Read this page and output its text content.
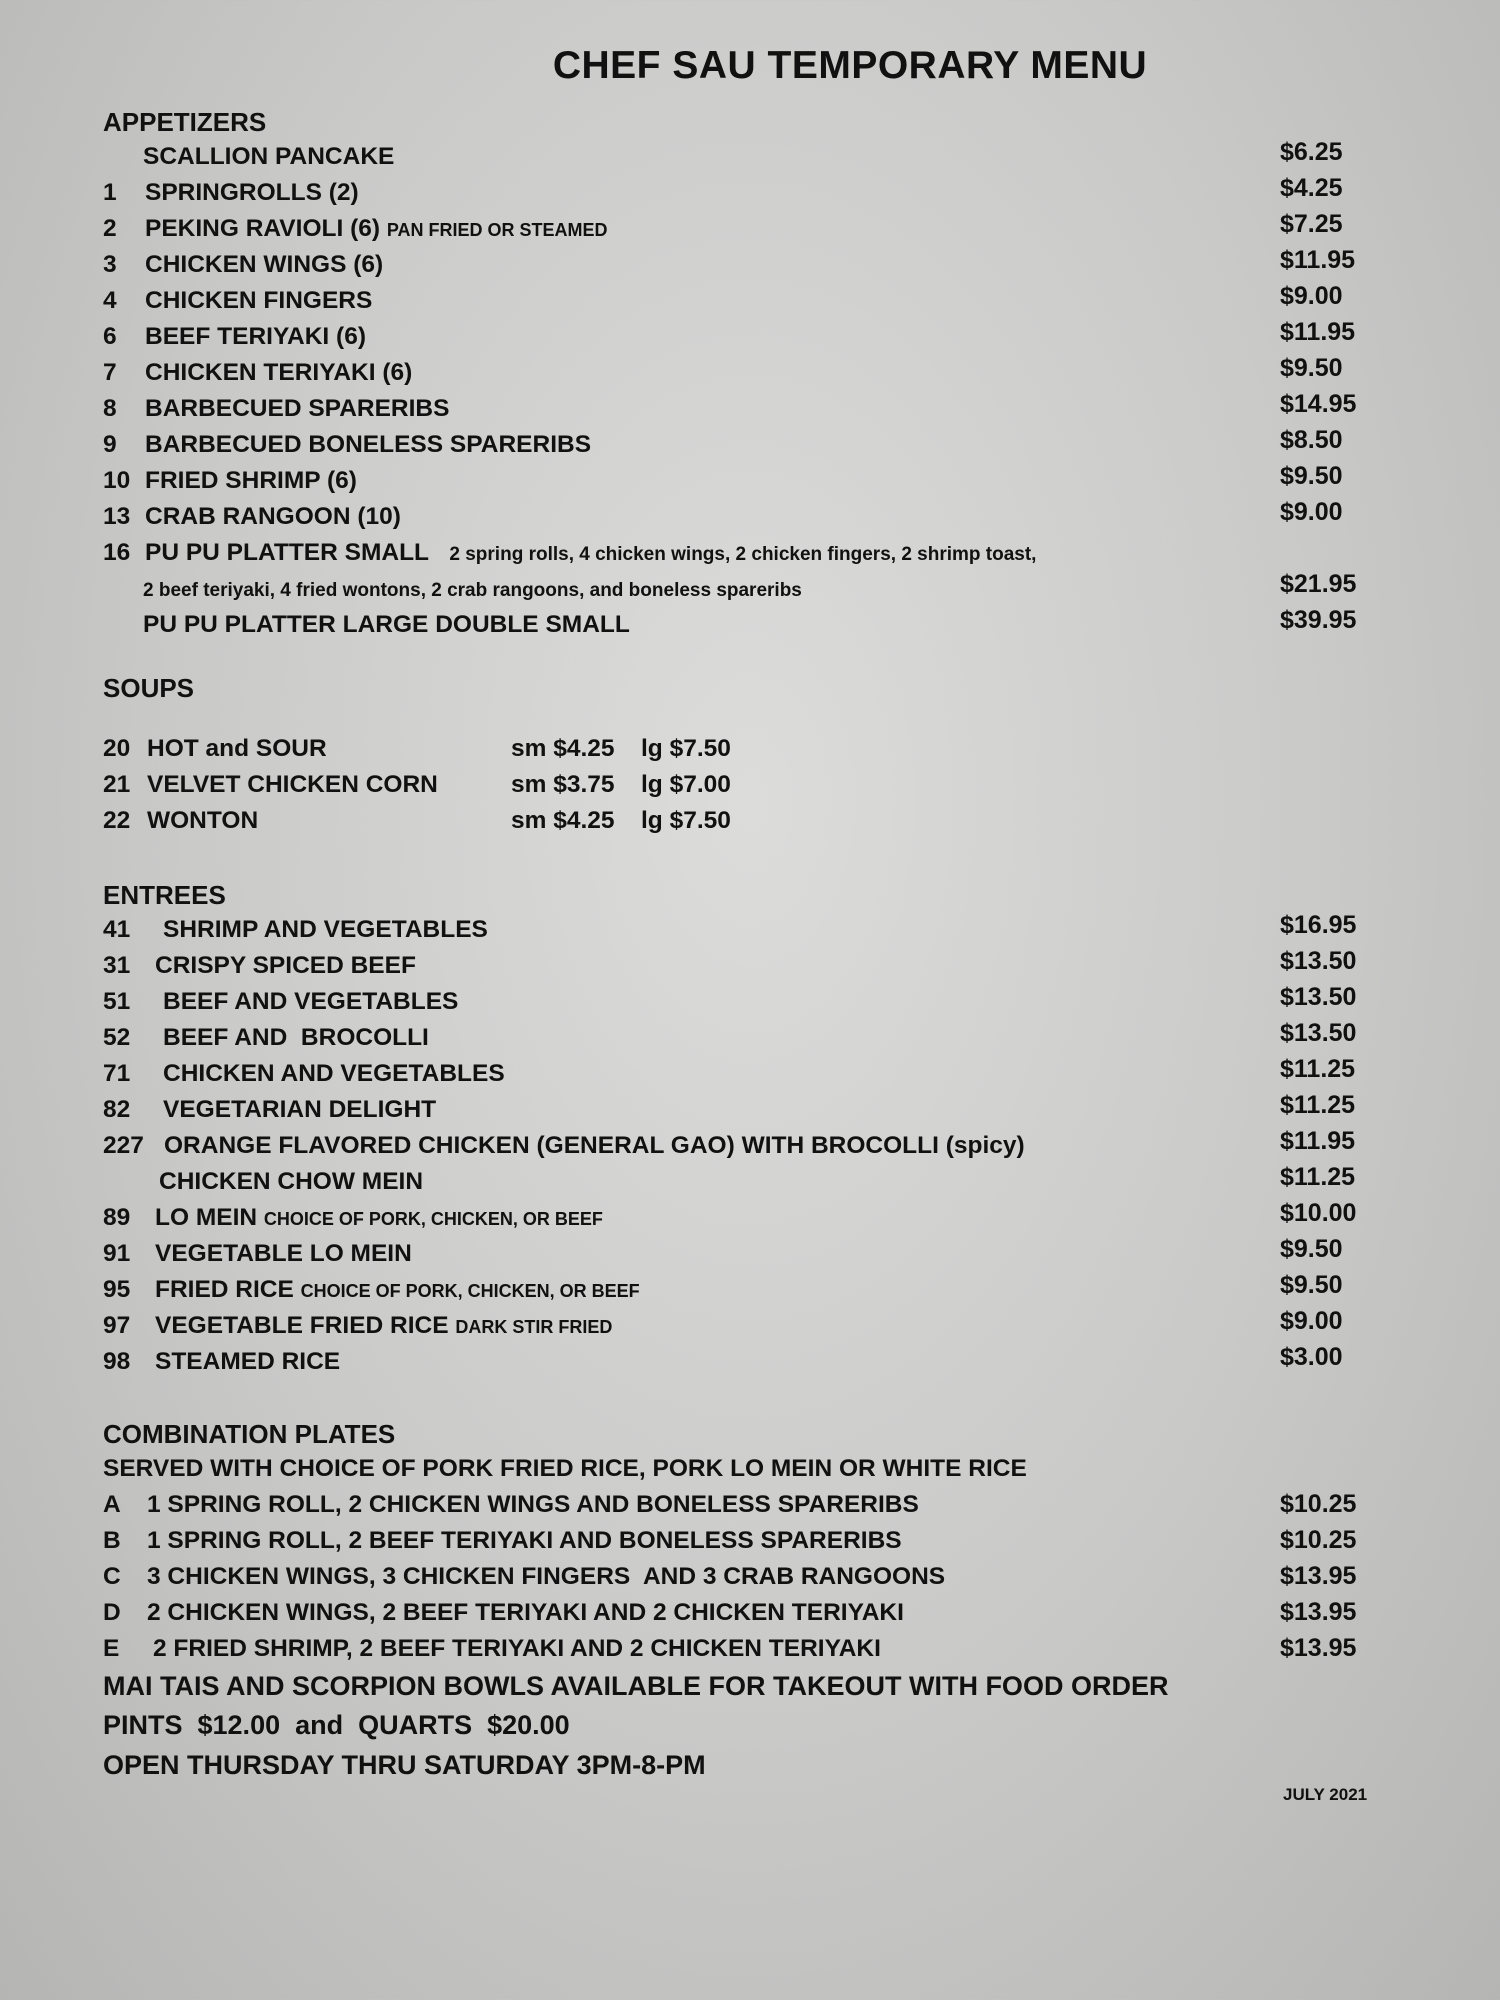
CHEF SAU TEMPORARY MENU
APPETIZERS
SCALLION PANCAKE	$6.25
1 SPRINGROLLS (2)	$4.25
2 PEKING RAVIOLI (6) PAN FRIED OR STEAMED	$7.25
3 CHICKEN WINGS (6)	$11.95
4 CHICKEN FINGERS	$9.00
6 BEEF TERIYAKI (6)	$11.95
7 CHICKEN TERIYAKI (6)	$9.50
8 BARBECUED SPARERIBS	$14.95
9 BARBECUED BONELESS SPARERIBS	$8.50
10 FRIED SHRIMP (6)	$9.50
13 CRAB RANGOON (10)	$9.00
16 PU PU PLATTER SMALL 2 spring rolls, 4 chicken wings, 2 chicken fingers, 2 shrimp toast,
2 beef teriyaki, 4 fried wontons, 2 crab rangoons, and boneless spareribs	$21.95
PU PU PLATTER LARGE DOUBLE SMALL	$39.95
SOUPS
20 HOT and SOUR	sm $4.25 lg $7.50
21 VELVET CHICKEN CORN	sm $3.75 lg $7.00
22 WONTON	sm $4.25 lg $7.50
ENTREES
41 SHRIMP AND VEGETABLES	$16.95
31 CRISPY SPICED BEEF	$13.50
51 BEEF AND VEGETABLES	$13.50
52 BEEF AND  BROCOLLI	$13.50
71 CHICKEN AND VEGETABLES	$11.25
82 VEGETARIAN DELIGHT	$11.25
227 ORANGE FLAVORED CHICKEN (GENERAL GAO) WITH BROCOLLI (spicy)	$11.95
CHICKEN CHOW MEIN	$11.25
89 LO MEIN CHOICE OF PORK, CHICKEN, OR BEEF	$10.00
91 VEGETABLE LO MEIN	$9.50
95 FRIED RICE CHOICE OF PORK, CHICKEN, OR BEEF	$9.50
97 VEGETABLE FRIED RICE DARK STIR FRIED	$9.00
98 STEAMED RICE	$3.00
COMBINATION PLATES
SERVED WITH CHOICE OF PORK FRIED RICE, PORK LO MEIN OR WHITE RICE
A 1 SPRING ROLL, 2 CHICKEN WINGS AND BONELESS SPARERIBS	$10.25
B 1 SPRING ROLL, 2 BEEF TERIYAKI AND BONELESS SPARERIBS	$10.25
C 3 CHICKEN WINGS, 3 CHICKEN FINGERS  AND 3 CRAB RANGOONS	$13.95
D 2 CHICKEN WINGS, 2 BEEF TERIYAKI AND 2 CHICKEN TERIYAKI	$13.95
E 2 FRIED SHRIMP, 2 BEEF TERIYAKI AND 2 CHICKEN TERIYAKI	$13.95
MAI TAIS AND SCORPION BOWLS AVAILABLE FOR TAKEOUT WITH FOOD ORDER
PINTS  $12.00  and  QUARTS  $20.00
OPEN THURSDAY THRU SATURDAY 3PM-8-PM
JULY 2021
